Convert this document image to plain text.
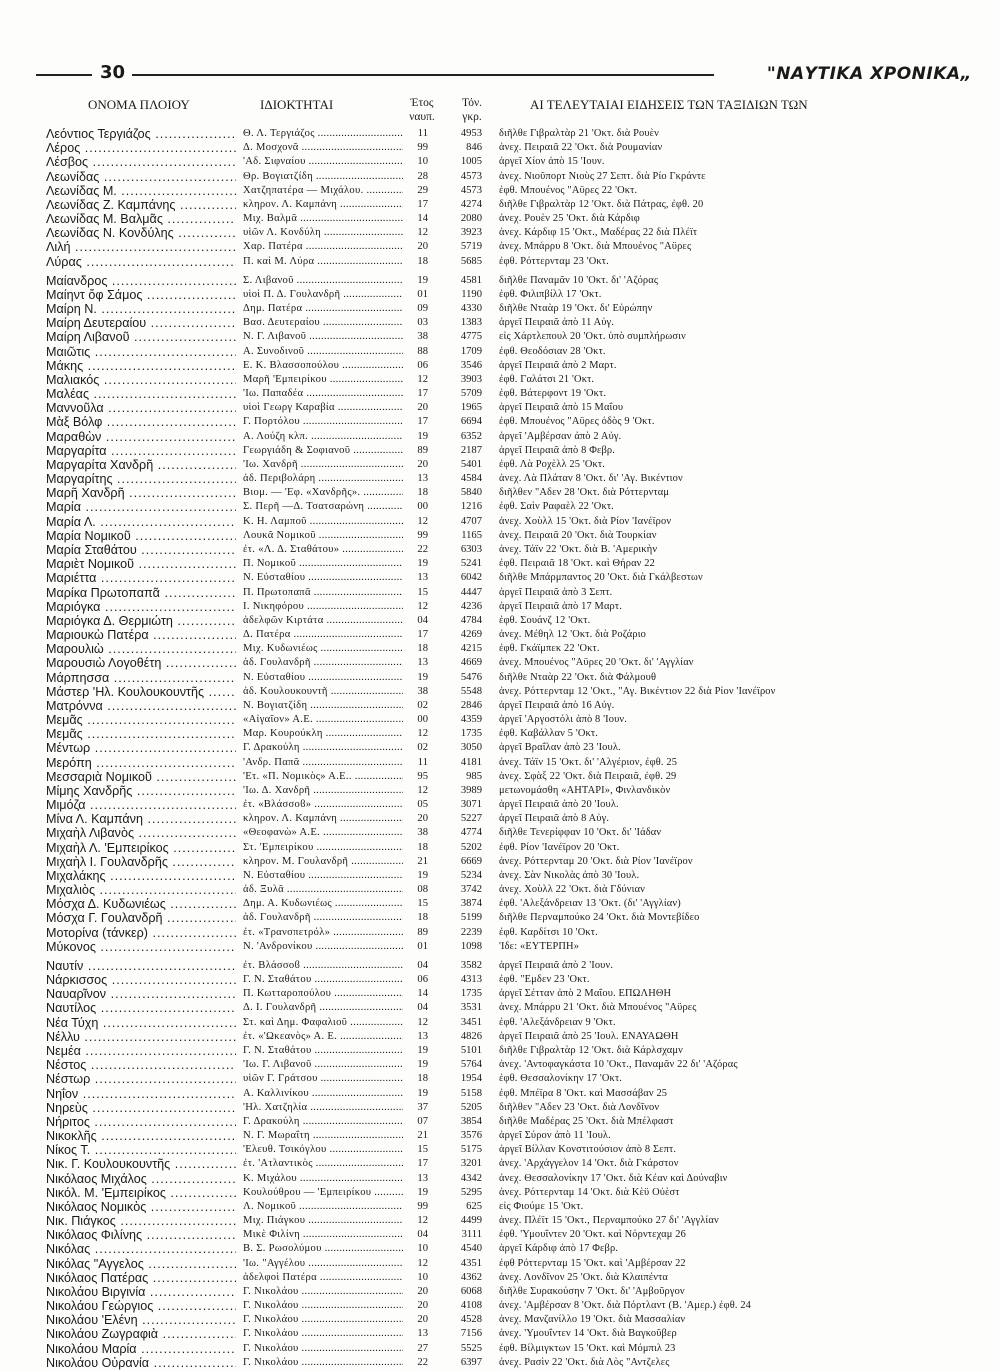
30	"ΝΑΥΤΙΚΑ ΧΡΟΝΙΚΑ„
ΟΝΟΜΑ ΠΛΟΙΟΥ	ΙΔΙΟΚΤΗΤΑΙ	Έτος
ναυπ.
Τόν.
γκρ.
ΑΙ ΤΕΛΕΥΤΑΙΑΙ ΕΙΔΗΣΕΙΣ ΤΩΝ ΤΑΞΙΔΙΩΝ ΤΩΝ
Λεόντιος Τεργιάζος .....	Θ. Λ. Τεργιάζος .....	11	4953 διῆλθε Γιβραλτὰρ 21 'Οκτ. διὰ Ρουὲν
Λέρος .....	Δ. Μοσχονᾶ .....	99	846 ἀνεχ. Πειραιᾶ 22 'Οκτ. διὰ Ρουμανίαν
Λέσβος .....	'Αδ. Σιφναίου .....	10	1005 ἀργεῖ Χίον ἀπὸ 15 'Ιουν.
Λεωνίδας .....	Θρ. Βογιατζίδη .....	28	4573 ἀνεχ. Νιοῦπορτ Νιοὺς 27 Σεπτ. διὰ Ρίο Γκράντε
Λεωνίδας Μ. .....	Χατζηπατέρα — Μιχάλου. .....	29	4573 ἐφθ. Μπουένος "Αϋρες 22 'Οκτ.
Λεωνίδας Ζ. Καμπάνης .....	κληρον. Λ. Καμπάνη .....	17	4274 διῆλθε Γιβραλτὰρ 12 'Οκτ. διὰ Πάτρας, ἐφθ. 20
Λεωνίδας Μ. Βαλμᾶς .....	Μιχ. Βαλμᾶ .....	14	2080 ἀνεχ. Ρουὲν 25 'Οκτ. διὰ Κάρδιφ
Λεωνίδας Ν. Κονδύλης .....	υἱῶν Λ. Κονδύλη .....	12	3923 ἀνεχ. Κάρδιφ 15 'Οκτ., Μαδέρας 22 διὰ Πλέϊτ
Λιλή .....	Χαρ. Πατέρα .....	20	5719 ἀνεχ. Μπάρρυ 8 'Οκτ. διὰ Μπουένος "Αϋρες
Λύρας .....	Π. καὶ Μ. Λύρα .....	18	5685 ἐφθ. Ρόττερνταμ 23 'Οκτ.
Μαίανδρος .....	Σ. Λιβανοῦ .....	19	4581 διῆλθε Παναμᾶν 10 'Οκτ. δι' 'Αζόρας
Μαίηντ ὄφ Σάμος .....	υἱοὶ Π. Δ. Γουλανδρῆ .....	01	1190 ἐφθ. Φιλιπβίλλ 17 'Οκτ.
Μαίρη Ν. .....	Δημ. Πατέρα .....	09	4330 διῆλθε Νταὰρ 19 'Οκτ. δι' Εὐρώπην
Μαίρη Δευτεραίου .....	Βασ. Δευτεραίου .....	03	1383 ἀργεῖ Πειραιᾶ ἀπὸ 11 Αὐγ.
Μαίρη Λιβανοῦ .....	Ν. Γ. Λιβανοῦ .....	38	4775 εἰς Χάρτλεπουλ 20 'Οκτ. ὑπὸ συμπλήρωσιν
Μαιῶτις .....	Α. Συνοδινοῦ .....	88	1709 ἐφθ. Θεοδόσιαν 28 'Οκτ.
Μάκης .....	Ε. Κ. Βλασσοπούλου .....	06	3546 ἀργεῖ Πειραιᾶ ἀπὸ 2 Μαρτ.
Μαλιακός .....	Μαρῆ 'Εμπειρίκου .....	12	3903 ἐφθ. Γαλάτσι 21 'Οκτ.
Μαλέας .....	'Ιω. Παπαδέα .....	17	5709 ἐφθ. Βάτερφοντ 19 'Οκτ.
Μαννοῦλα .....	υἱοὶ Γεωργ Καραβία .....	20	1965 ἀργεῖ Πειραιᾶ ἀπὸ 15 Μαΐου
Μὰξ Βόλφ .....	Γ. Πορτόλου .....	17	6694 ἐφθ. Μπουένος "Αϋρες ὁδὸς 9 'Οκτ.
Μαραθὼν .....	Α. Λούζη κλπ. .....	19	6352 ἀργεῖ 'Αμβέρσαν ἀπὸ 2 Αὐγ.
Μαργαρίτα .....	Γεωργιάδη & Σοφιανοῦ .....	89	2187 ἀργεῖ Πειραιᾶ ἀπὸ 8 Φεβρ.
Μαργαρίτα Χανδρῆ .....	'Ιω. Χανδρῆ .....	20	5401 ἐφθ. Λὰ Ροχὲλλ 25 'Οκτ.
Μαργαρίτης .....	ἀδ. Περιβολάρη .....	13	4584 ἀνεχ. Λὰ Πλάταν 8 'Οκτ. δι' 'Αγ. Βικέντιον
Μαρῆ Χανδρῆ .....	Βιομ. — 'Εφ. «Χανδρῆς». .....	18	5840 διῆλθεν "Αδεν 28 'Οκτ. διὰ Ρόττερνταμ
Μαρία .....	Σ. Περῆ —Δ. Τσατσαρώνη .....	00	1216 ἐφθ. Σαὶν Ραφαὲλ 22 'Οκτ.
Μαρία Λ. .....	Κ. Η. Λαμποῦ .....	12	4707 ἀνεχ. Χοὺλλ 15 'Οκτ. διὰ Ρίον 'Ιανέϊρον
Μαρία Νομικοῦ .....	Λουκᾶ Νομικοῦ .....	99	1165 ἀνεχ. Πειραιᾶ 20 'Οκτ. διὰ Τουρκίαν
Μαρία Σταθάτου .....	ἐτ. «Λ. Δ. Σταθάτου» .....	22	6303 ἀνεχ. Τάϊν 22 'Οκτ. διὰ Β. 'Αμερικὴν
Μαριὲτ Νομικοῦ .....	Π. Νομικοῦ .....	19	5241 ἐφθ. Πειραιᾶ 18 'Οκτ. καὶ Θήραν 22
Μαριέττα .....	Ν. Εὐσταθίου .....	13	6042 διῆλθε Μπάρμπαντος 20 'Οκτ. διὰ Γκάλβεστων
Μαρίκα Πρωτοπαπᾶ .....	Π. Πρωτοπαπᾶ .....	15	4447 ἀργεῖ Πειραιᾶ ἀπὸ 3 Σεπτ.
Μαριόγκα .....	Ι. Νικηφόρου .....	12	4236 ἀργεῖ Πειραιᾶ ἀπὸ 17 Μαρτ.
Μαριόγκα Δ. Θερμιώτη .....	ἀδελφῶν Κιρτάτα .....	04	4784 ἐφθ. Σουάνζ 12 'Οκτ.
Μαριουκὼ Πατέρα .....	Δ. Πατέρα .....	17	4269 ἀνεχ. Μέθηλ 12 'Οκτ. διὰ Ροζάριο
Μαρουλιὼ .....	Μιχ. Κυδωνιέως .....	18	4215 ἐφθ. Γκάϊμπεκ 22 'Οκτ.
Μαρουσιὼ Λογοθέτη .....	ἀδ. Γουλανδρῆ .....	13	4669 ἀνεχ. Μπουένος "Αϋρες 20 'Οκτ. δι' 'Αγγλίαν
Μάρπησσα .....	Ν. Εὐσταθίου .....	19	5476 διῆλθε Νταὰρ 22 'Οκτ. διὰ Φάλμουθ
Μάστερ 'Ηλ. Κουλουκουντῆς .....	ἀδ. Κουλουκουντῆ .....	38	5548 ἀνεχ. Ρόττερνταμ 12 'Οκτ., "Αγ. Βικέντιον 22 διὰ Ρίον 'Ιανέϊρον
Ματρόννα .....	Ν. Βογιατζίδη .....	02	2846 ἀργεῖ Πειραιᾶ ἀπὸ 16 Αὐγ.
Μεμᾶς .....	«Αἰγαῖον» Α.Ε. .....	00	4359 ἀργεῖ 'Αργοστόλι ἀπὸ 8 'Ιουν.
Μεμᾶς .....	Μαρ. Κουρούκλη .....	12	1735 ἐφθ. Καβάλλαν 5 'Οκτ.
Μέντωρ .....	Γ. Δρακούλη .....	02	3050 ἀργεῖ Βραΐλαν ἀπὸ 23 'Ιουλ.
Μερόπη .....	'Ανδρ. Παπᾶ .....	11	4181 ἀνεχ. Τάϊν 15 'Οκτ. δι' 'Αλγέριον, ἐφθ. 25
Μεσσαριὰ Νομικοῦ .....	'Ετ. «Π. Νομικὸς» Α.Ε.. .....	95	985 ἀνεχ. Σφὰξ 22 'Οκτ. διὰ Πειραιᾶ, ἐφθ. 29
Μίμης Χανδρῆς .....	'Ιω. Δ. Χανδρῆ .....	12	3989 μετωνομάσθη «ΑΗΤΑΡΙ», Φινλανδικὸν
Μιμόζα .....	ἐτ. «Βλάσσοϐ» .....	05	3071 ἀργεῖ Πειραιᾶ ἀπὸ 20 'Ιουλ.
Μίνα Λ. Καμπάνη .....	κληρον. Λ. Καμπάνη .....	20	5227 ἀργεῖ Πειραιᾶ ἀπὸ 8 Αὐγ.
Μιχαὴλ Λιβανὸς .....	«Θεοφανὼ» Α.Ε. .....	38	4774 διῆλθε Τενερίφφαν 10 'Οκτ. δι' 'Ιάδαν
Μιχαὴλ Λ. 'Εμπειρίκος .....	Στ. 'Εμπειρίκου .....	18	5202 ἐφθ. Ρίον 'Ιανέϊρον 20 'Οκτ.
Μιχαὴλ Ι. Γουλανδρῆς .....	κληρον. Μ. Γουλανδρῆ .....	21	6669 ἀνεχ. Ρόττερνταμ 20 'Οκτ. διὰ Ρίον 'Ιανέϊρον
Μιχαλάκης .....	Ν. Εὐσταθίου .....	19	5234 ἀνεχ. Σὰν Νικολὰς ἀπὸ 30 'Ιουλ.
Μιχαλιὸς .....	ἀδ. Ξυλᾶ .....	08	3742 ἀνεχ. Χοὺλλ 22 'Οκτ. διὰ Γδύνιαν
Μόσχα Δ. Κυδωνιέως .....	Δημ. Α. Κυδωνιέως .....	15	3874 ἐφθ. 'Αλεξάνδρειαν 13 'Οκτ. (δι' 'Αγγλίαν)
Μόσχα Γ. Γουλανδρῆ .....	ἀδ. Γουλανδρῆ .....	18	5199 διῆλθε Περναμπούκο 24 'Οκτ. διὰ Μοντεβίδεο
Μοτορίνα (τάνκερ) .....	ἐτ. «Τρανσπετρόλ» .....	89	2239 ἐφθ. Καρδίτσι 10 'Οκτ.
Μύκονος .....	Ν. 'Ανδρονίκου .....	01	1098 'Ιδε: «ΕΥΤΕΡΠΗ»
Ναυτίν .....	ἐτ. Βλάσσοϐ .....	04	3582 ἀργεῖ Πειραιᾶ ἀπὸ 2 'Ιουν.
Νάρκισσος .....	Γ. Ν. Σταθάτου .....	06	4313 ἐφθ. "Εμδεν 23 'Οκτ.
Ναυαρῖνον .....	Π. Κωτταροπούλου .....	14	1735 ἀργεῖ Σέτταν ἀπὸ 2 Μαΐου. ΕΠΩΛΗΘΗ
Ναυτίλος .....	Δ. Ι. Γουλανδρῆ .....	04	3531 ἀνεχ. Μπάρρυ 21 'Οκτ. διὰ Μπουένος "Αϋρες
Νέα Τύχη .....	Στ. καὶ Δημ. Φαφαλιοῦ .....	12	3451 ἐφθ. 'Αλεξάνδρειαν 9 'Οκτ.
Νέλλυ .....	ἐτ. «'Ωκεανὸς» Α. Ε. .....	13	4826 ἀργεῖ Πειραιᾶ ἀπὸ 25 'Ιουλ. ΕΝΑΥΑΩΘΗ
Νεμέα .....	Γ. Ν. Σταθάτου .....	19	5101 διῆλθε Γιβραλτὰρ 12 'Οκτ. διὰ Κάρλσχαμν
Νέστος .....	'Ιω. Γ. Λιβανοῦ .....	19	5764 ἀνεχ. 'Αντοφαγκάστα 10 'Οκτ., Παναμᾶν 22 δι' 'Αζόρας
Νέστωρ .....	υἱῶν Γ. Γράτσου .....	18	1954 ἐφθ. Θεσσαλονίκην 17 'Οκτ.
Νηΐον .....	Α. Καλλινίκου .....	19	5158 ἐφθ. Μπέϊρα 8 'Οκτ. καὶ Μασσάβαν 25
Νηρεὺς .....	'Ηλ. Χατζηλία .....	37	5205 διῆλθεν "Αδεν 23 'Οκτ. διὰ Λονδῖνον
Νήριτος .....	Γ. Δρακούλη .....	07	3854 διῆλθε Μαδέρας 25 'Οκτ. διὰ Μπέλφαστ
Νικοκλῆς .....	Ν. Γ. Μωραΐτη .....	21	3576 ἀργεῖ Σύρον ἀπὸ 11 'Ιουλ.
Νίκος Τ. .....	'Ελευθ. Τσικόγλου .....	15	5175 ἀργεῖ Βίλλαν Κονστιτούσιον ἀπὸ 8 Σεπτ.
Νικ. Γ. Κουλουκουντῆς .....	ἐτ. 'Ατλαντικὸς .....	17	3201 ἀνεχ. 'Αρχάγγελον 14 'Οκτ. διὰ Γκάρστον
Νικόλαος Μιχάλος .....	Κ. Μιχάλου .....	13	4342 ἀνεχ. Θεσσαλονίκην 17 'Οκτ. διὰ Κέαν καὶ Δούναβιν
Νικόλ. Μ. 'Εμπειρίκος .....	Κουλούθρου — 'Εμπειρίκου .....	19	5295 ἀνεχ. Ρόττερνταμ 14 'Οκτ. διὰ Κὲϋ Οὐὲστ
Νικόλαος Νομικὸς .....	Λ. Νομικοῦ .....	99	625 εἰς Φιούμε 15 'Οκτ.
Νικ. Πιάγκος .....	Μιχ. Πιάγκου .....	12	4499 ἀνεχ. Πλέϊτ 15 'Οκτ., Περναμπούκο 27 δι' 'Αγγλίαν
Νικόλαος Φιλίνης .....	Μικὲ Φιλίνη .....	04	3111 ἐφθ. 'Υμουΐντεν 20 'Οκτ. καὶ Νόρντεχαμ 26
Νικόλας .....	Β. Σ. Ρωσολύμου .....	10	4540 ἀργεῖ Κάρδιφ ἀπὸ 17 Φεβρ.
Νικόλας "Αγγελος .....	'Ιω. "Αγγέλου .....	12	4351 ἐφθ Ρόττερνταμ 15 'Οκτ. καὶ 'Αμβέρσαν 22
Νικόλαος Πατέρας .....	ἀδελφοὶ Πατέρα .....	10	4362 ἀνεχ. Λονδῖνον 25 'Οκτ. διὰ Κλαιπέντα
Νικολάου Βιργινία .....	Γ. Νικολάου .....	20	6068 διῆλθε Συρακούσην 7 'Οκτ. δι' 'Αμβοῦργον
Νικολάου Γεώργιος .....	Γ. Νικολάου .....	20	4108 ἀνεχ. 'Αμβέρσαν 8 'Οκτ. διὰ Πόρτλαντ (Β. 'Αμερ.) ἐφθ. 24
Νικολάου 'Ελένη .....	Γ. Νικολάου .....	20	4528 ἀνεχ. Μανζανίλλο 19 'Οκτ. διὰ Μασσαλίαν
Νικολάου Ζωγραφιὰ .....	Γ. Νικολάου .....	13	7156 ἀνεχ. 'Υμουΐντεν 14 'Οκτ. διὰ Βαγκοῦβερ
Νικολάου Μαρία .....	Γ. Νικολάου .....	27	5525 ἐφθ. Βίλμιγκτων 15 'Οκτ. καὶ Μόμπιλ 23
Νικολάου Οὐρανία .....	Γ. Νικολάου .....	22	6397 ἀνεχ. Ρασὶν 22 'Οκτ. διὰ Λὸς "Αντζελες
